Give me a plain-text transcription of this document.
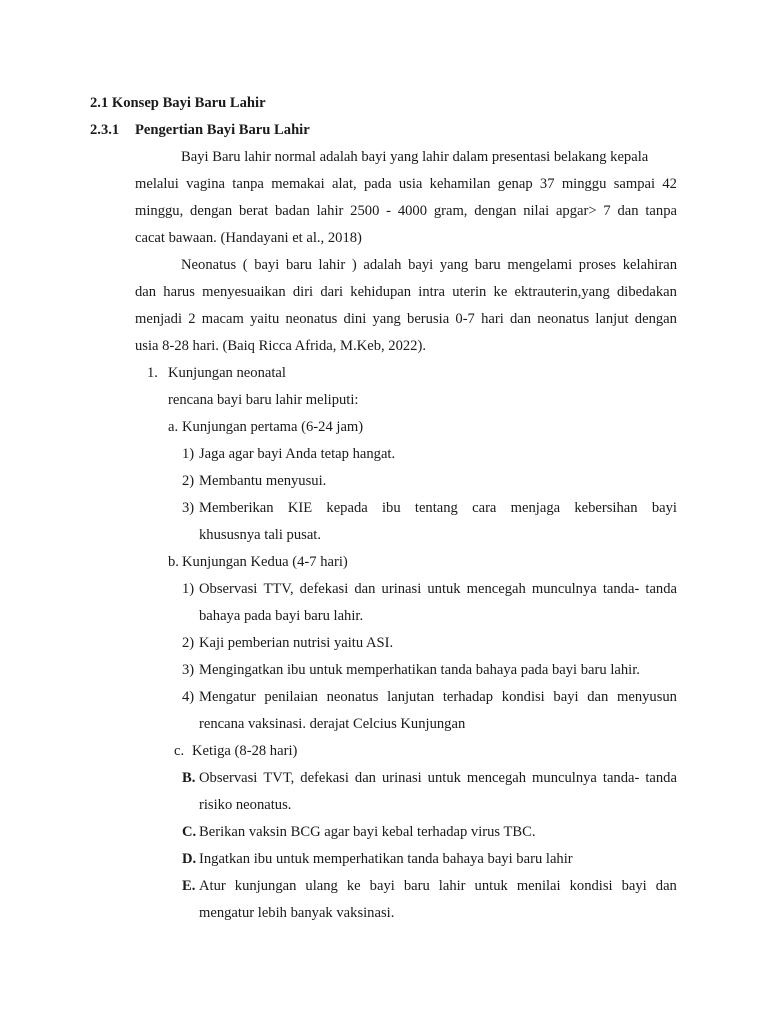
2.1 Konsep Bayi Baru Lahir
2.3.1 Pengertian Bayi Baru Lahir
Bayi Baru lahir normal adalah bayi yang lahir dalam presentasi belakang kepala
melalui vagina tanpa memakai alat, pada usia kehamilan genap 37 minggu sampai 42
minggu, dengan berat badan lahir 2500 - 4000 gram, dengan nilai apgar> 7 dan tanpa
cacat bawaan. (Handayani et al., 2018)
Neonatus ( bayi baru lahir ) adalah bayi yang baru mengelami proses kelahiran
dan harus menyesuaikan diri dari kehidupan intra uterin ke ektrauterin,yang dibedakan
menjadi 2 macam yaitu neonatus dini yang berusia 0-7 hari dan neonatus lanjut dengan
usia 8-28 hari. (Baiq Ricca Afrida, M.Keb, 2022).
1. Kunjungan neonatal
rencana bayi baru lahir meliputi:
a. Kunjungan pertama (6-24 jam)
1) Jaga agar bayi Anda tetap hangat.
2) Membantu menyusui.
3) Memberikan KIE kepada ibu tentang cara menjaga kebersihan bayi
khususnya tali pusat.
b. Kunjungan Kedua (4-7 hari)
1) Observasi TTV, defekasi dan urinasi untuk mencegah munculnya tanda- tanda
bahaya pada bayi baru lahir.
2) Kaji pemberian nutrisi yaitu ASI.
3) Mengingatkan ibu untuk memperhatikan tanda bahaya pada bayi baru lahir.
4) Mengatur penilaian neonatus lanjutan terhadap kondisi bayi dan menyusun
rencana vaksinasi. derajat Celcius Kunjungan
c. Ketiga (8-28 hari)
B. Observasi TVT, defekasi dan urinasi untuk mencegah munculnya tanda- tanda
risiko neonatus.
C. Berikan vaksin BCG agar bayi kebal terhadap virus TBC.
D. Ingatkan ibu untuk memperhatikan tanda bahaya bayi baru lahir
E. Atur kunjungan ulang ke bayi baru lahir untuk menilai kondisi bayi dan
mengatur lebih banyak vaksinasi.
